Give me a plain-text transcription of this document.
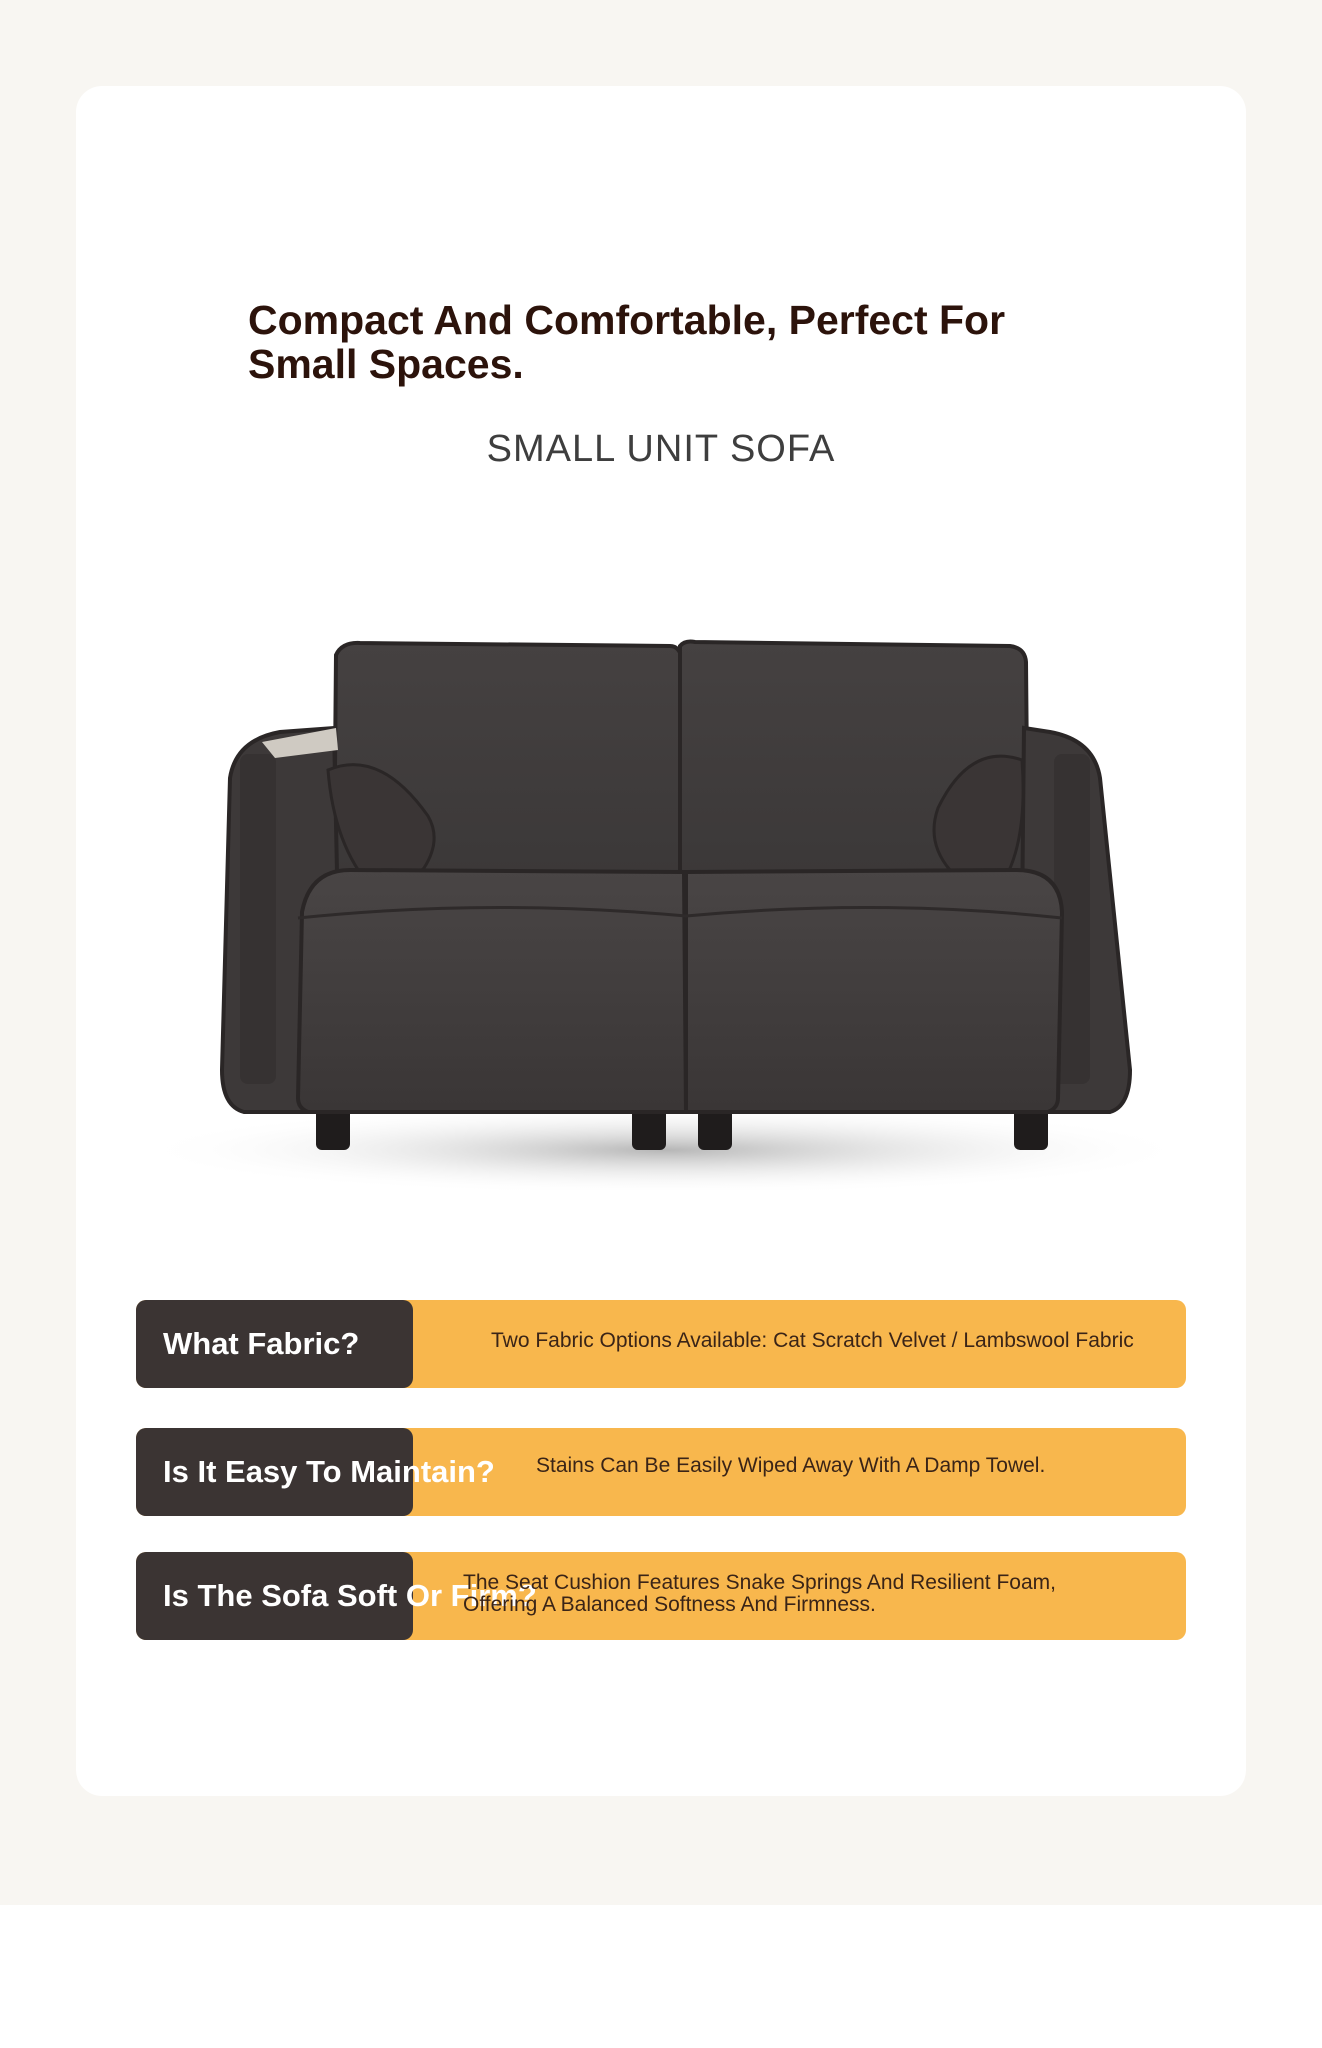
Compact And Comfortable, Perfect For Small Spaces.
SMALL UNIT SOFA
What Fabric?	Two Fabric Options Available: Cat Scratch Velvet / Lambswool Fabric
Is It Easy To Maintain? Stains Can Be Easily Wiped Away With A Damp Towel.
Is The Sofa Soft Or Firm?
The Seat Cushion Features Snake Springs And Resilient Foam, Offering A Balanced Softness And Firmness.
